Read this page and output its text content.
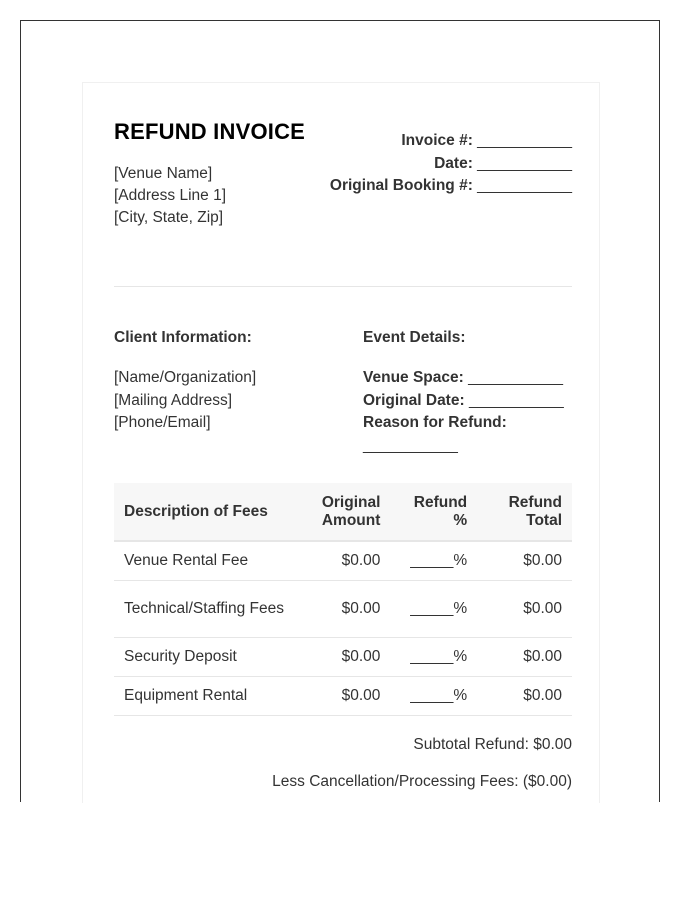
REFUND INVOICE
[Venue Name]
[Address Line 1]
[City, State, Zip]
Invoice #: ___________
Date: ___________
Original Booking #: ___________
Client Information:	Event Details:
[Name/Organization]
[Mailing Address]
[Phone/Email]
Venue Space: ___________
Original Date: ___________
Reason for Refund:
___________
Description of Fees	Original Amount	Refund %	Refund Total
Venue Rental Fee	$0.00	_____%	$0.00
Technical/Staffing Fees	$0.00	_____%	$0.00
Security Deposit	$0.00	_____%	$0.00
Equipment Rental	$0.00	_____%	$0.00
Subtotal Refund: $0.00
Less Cancellation/Processing Fees: ($0.00)
